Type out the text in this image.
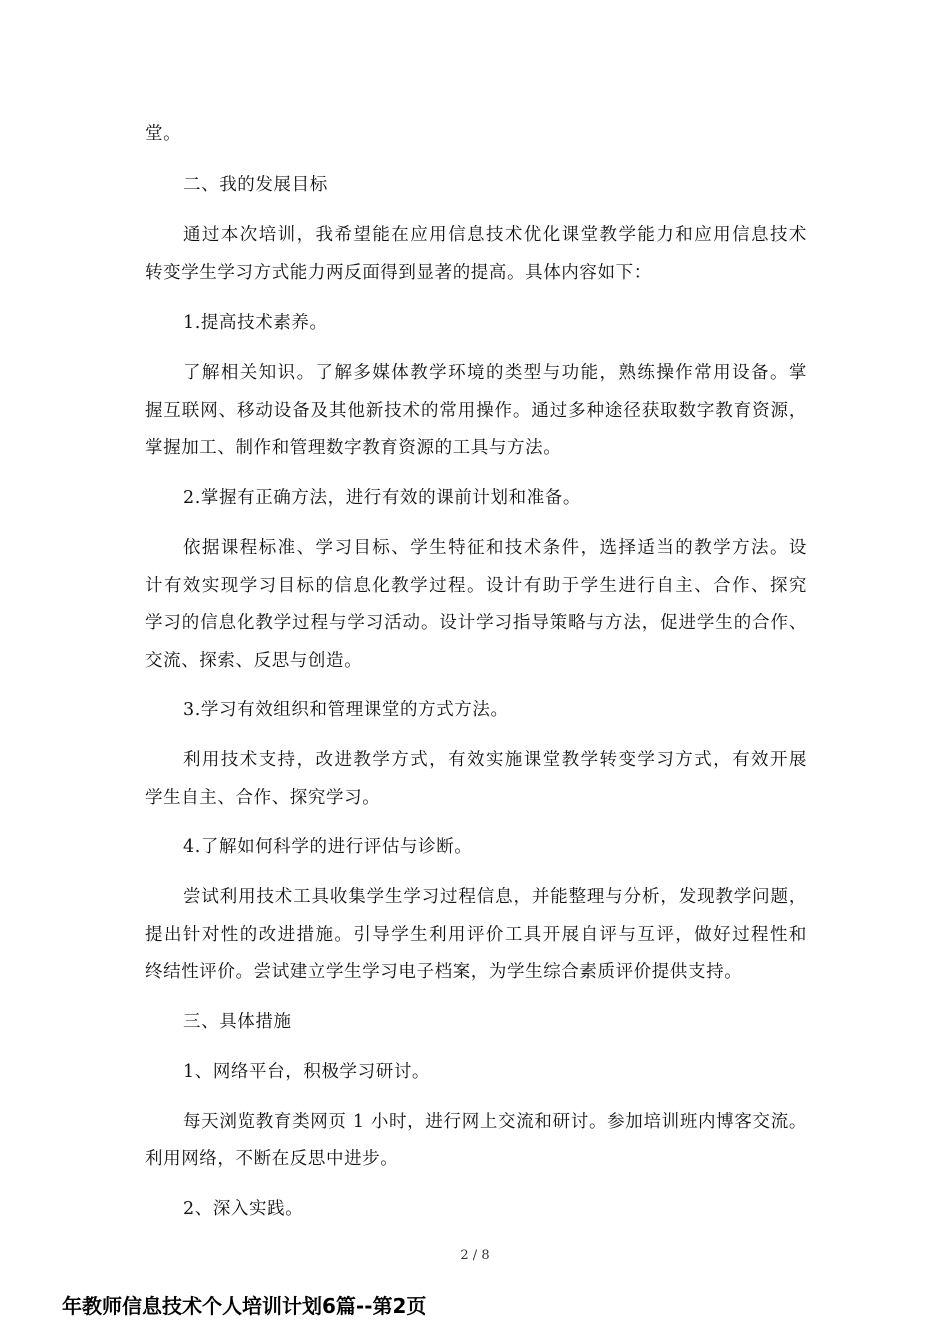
堂。
二、我的发展目标
通过本次培训，我希望能在应用信息技术优化课堂教学能力和应用信息技术
转变学生学习方式能力两反面得到显著的提高。具体内容如下：
1.提高技术素养。
了解相关知识。了解多媒体教学环境的类型与功能，熟练操作常用设备。掌
握互联网、移动设备及其他新技术的常用操作。通过多种途径获取数字教育资源，
掌握加工、制作和管理数字教育资源的工具与方法。
2.掌握有正确方法，进行有效的课前计划和准备。
依据课程标准、学习目标、学生特征和技术条件，选择适当的教学方法。设
计有效实现学习目标的信息化教学过程。设计有助于学生进行自主、合作、探究
学习的信息化教学过程与学习活动。设计学习指导策略与方法，促进学生的合作、
交流、探索、反思与创造。
3.学习有效组织和管理课堂的方式方法。
利用技术支持，改进教学方式，有效实施课堂教学转变学习方式，有效开展
学生自主、合作、探究学习。
4.了解如何科学的进行评估与诊断。
尝试利用技术工具收集学生学习过程信息，并能整理与分析，发现教学问题，
提出针对性的改进措施。引导学生利用评价工具开展自评与互评，做好过程性和
终结性评价。尝试建立学生学习电子档案，为学生综合素质评价提供支持。
三、具体措施
1、网络平台，积极学习研讨。
每天浏览教育类网页 1 小时，进行网上交流和研讨。参加培训班内博客交流。
利用网络，不断在反思中进步。
2、深入实践。
2 / 8
年教师信息技术个人培训计划6篇--第2页
